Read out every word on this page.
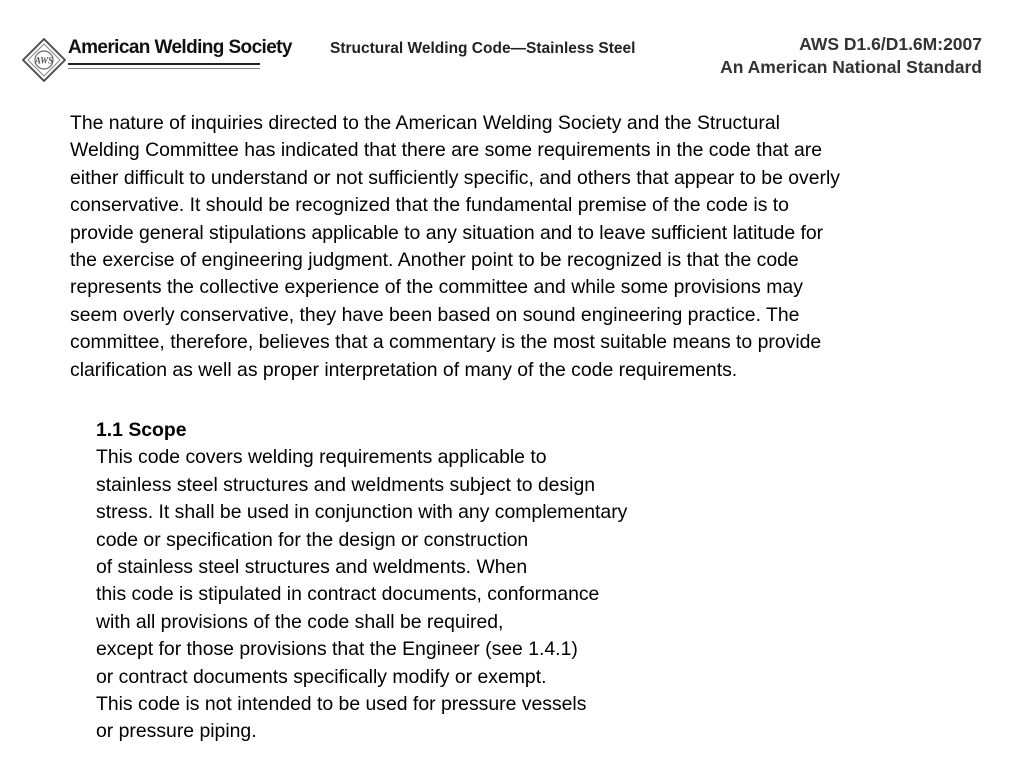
AWS
American Welding Society Structural Welding Code—Stainless Steel	AWS D1.6/D1.6M:2007
An American National Standard

The nature of inquiries directed to the American Welding Society and the Structural
Welding Committee has indicated that there are some requirements in the code that are
either difficult to understand or not sufficiently specific, and others that appear to be overly
conservative. It should be recognized that the fundamental premise of the code is to
provide general stipulations applicable to any situation and to leave sufficient latitude for
the exercise of engineering judgment. Another point to be recognized is that the code
represents the collective experience of the committee and while some provisions may
seem overly conservative, they have been based on sound engineering practice. The
committee, therefore, believes that a commentary is the most suitable means to provide
clarification as well as proper interpretation of many of the code requirements.

1.1 Scope

This code covers welding requirements applicable to
stainless steel structures and weldments subject to design
stress. It shall be used in conjunction with any complementary
code or specification for the design or construction
of stainless steel structures and weldments. When
this code is stipulated in contract documents, conformance
with all provisions of the code shall be required,
except for those provisions that the Engineer (see 1.4.1)
or contract documents specifically modify or exempt.
This code is not intended to be used for pressure vessels
or pressure piping.
